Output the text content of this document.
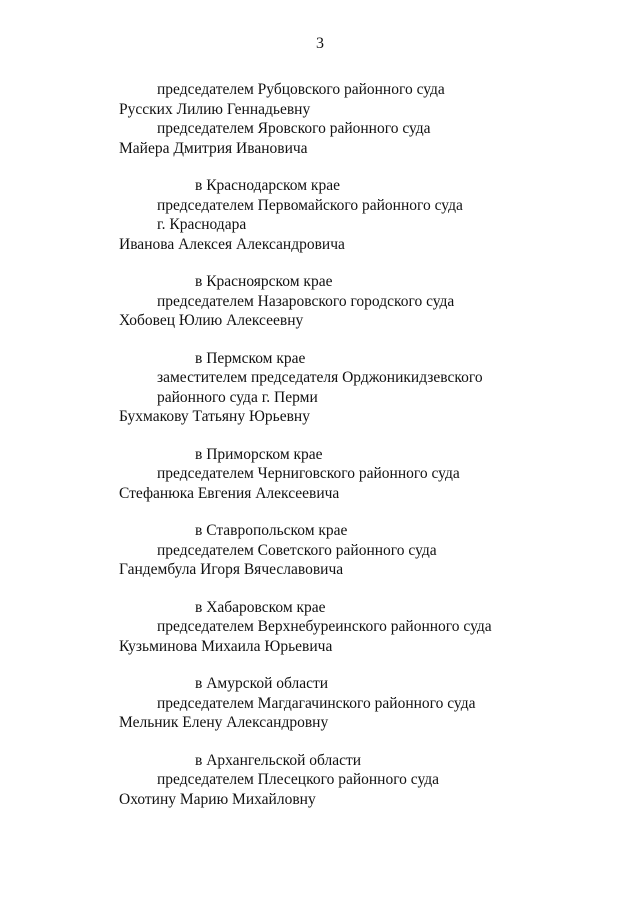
3
председателем Рубцовского районного суда
Русских Лилию Геннадьевну
председателем Яровского районного суда
Майера Дмитрия Ивановича
в Краснодарском крае
председателем Первомайского районного суда
г. Краснодара
Иванова Алексея Александровича
в Красноярском крае
председателем Назаровского городского суда
Хобовец Юлию Алексеевну
в Пермском крае
заместителем председателя Орджоникидзевского
районного суда г. Перми
Бухмакову Татьяну Юрьевну
в Приморском крае
председателем Черниговского районного суда
Стефанюка Евгения Алексеевича
в Ставропольском крае
председателем Советского районного суда
Гандембула Игоря Вячеславовича
в Хабаровском крае
председателем Верхнебуреинского районного суда
Кузьминова Михаила Юрьевича
в Амурской области
председателем Магдагачинского районного суда
Мельник Елену Александровну
в Архангельской области
председателем Плесецкого районного суда
Охотину Марию Михайловну
